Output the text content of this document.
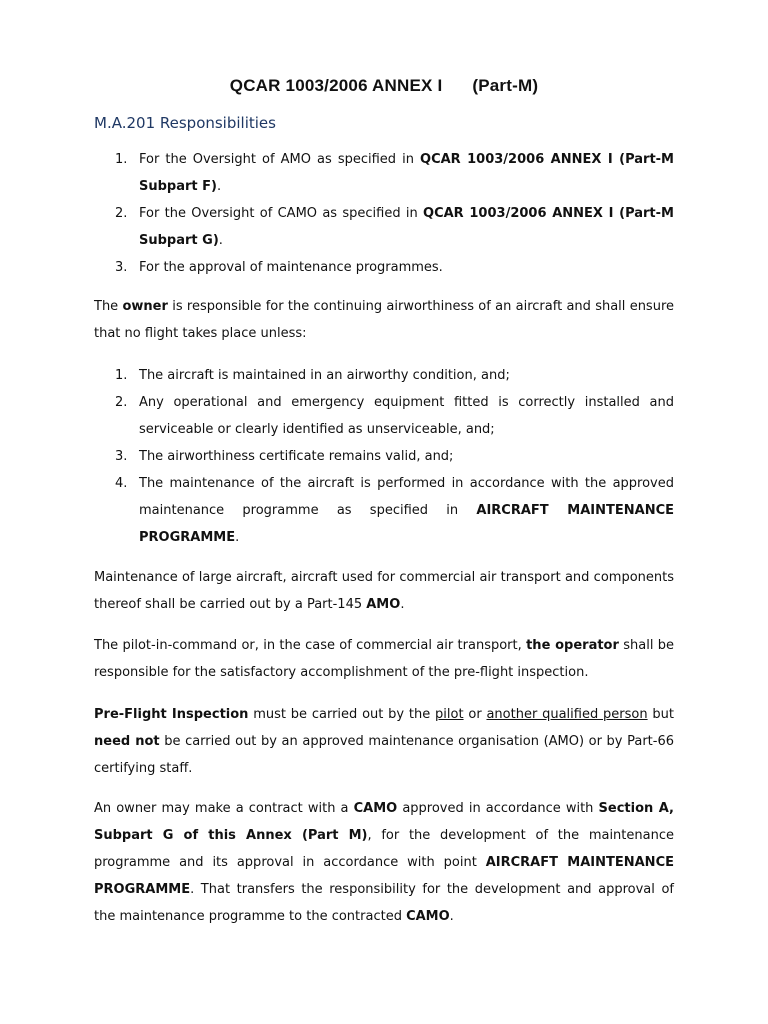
QCAR 1003/2006 ANNEX I (Part-M)
M.A.201 Responsibilities
1. For the Oversight of AMO as specified in QCAR 1003/2006 ANNEX I (Part-M Subpart F).
2. For the Oversight of CAMO as specified in QCAR 1003/2006 ANNEX I (Part-M Subpart G).
3. For the approval of maintenance programmes.
The owner is responsible for the continuing airworthiness of an aircraft and shall ensure that no flight takes place unless:
1. The aircraft is maintained in an airworthy condition, and;
2. Any operational and emergency equipment fitted is correctly installed and serviceable or clearly identified as unserviceable, and;
3. The airworthiness certificate remains valid, and;
4. The maintenance of the aircraft is performed in accordance with the approved maintenance programme as specified in AIRCRAFT MAINTENANCE PROGRAMME.
Maintenance of large aircraft, aircraft used for commercial air transport and components thereof shall be carried out by a Part-145 AMO.
The pilot-in-command or, in the case of commercial air transport, the operator shall be responsible for the satisfactory accomplishment of the pre-flight inspection.
Pre-Flight Inspection must be carried out by the pilot or another qualified person but need not be carried out by an approved maintenance organisation (AMO) or by Part-66 certifying staff.
An owner may make a contract with a CAMO approved in accordance with Section A, Subpart G of this Annex (Part M), for the development of the maintenance programme and its approval in accordance with point AIRCRAFT MAINTENANCE PROGRAMME. That transfers the responsibility for the development and approval of the maintenance programme to the contracted CAMO.
